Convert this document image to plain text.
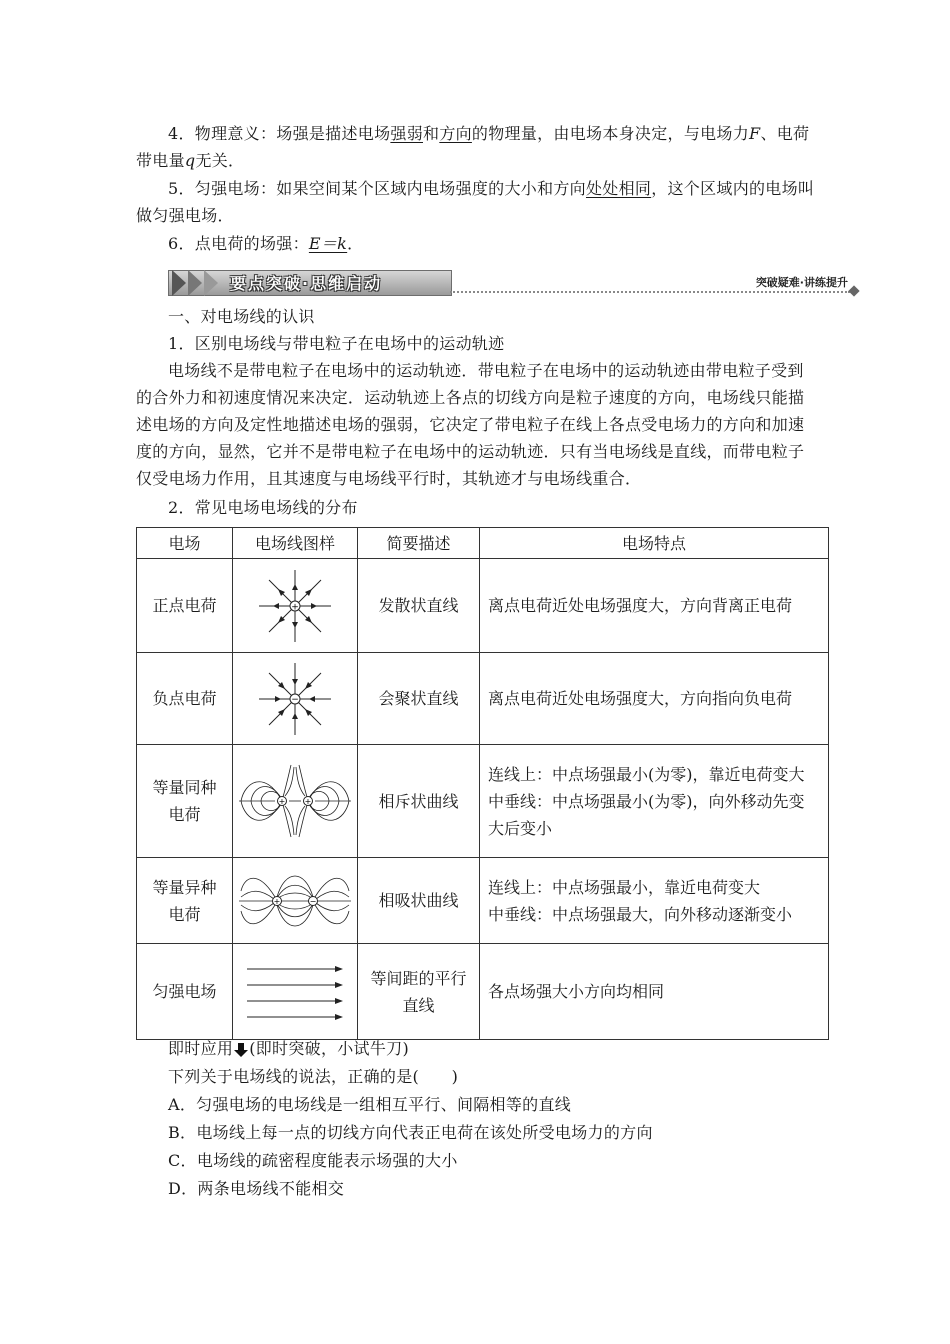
4．物理意义：场强是描述电场强弱和方向的物理量，由电场本身决定，与电场力F、电荷带电量q无关．

5．匀强电场：如果空间某个区域内电场强度的大小和方向处处相同，这个区域内的电场叫做匀强电场．

6．点电荷的场强：E＝k．

要点突破·思维启动	突破疑难·讲练提升

一、对电场线的认识

1．区别电场线与带电粒子在电场中的运动轨迹

电场线不是带电粒子在电场中的运动轨迹．带电粒子在电场中的运动轨迹由带电粒子受到的合外力和初速度情况来决定．运动轨迹上各点的切线方向是粒子速度的方向，电场线只能描述电场的方向及定性地描述电场的强弱，它决定了带电粒子在线上各点受电场力的方向和加速度的方向，显然，它并不是带电粒子在电场中的运动轨迹．只有当电场线是直线，而带电粒子仅受电场力作用，且其速度与电场线平行时，其轨迹才与电场线重合．

2．常见电场电场线的分布

电场	电场线图样	简要描述	电场特点
正点电荷	+	发散状直线	离点电荷近处电场强度大，方向背离正电荷
负点电荷	−	会聚状直线	离点电荷近处电场强度大，方向指向负电荷

等量同种电荷	+ +	相斥状曲线	连线上：中点场强最小(为零)，靠近电荷变大
中垂线：中点场强最小(为零)，向外移动先变大后变小

等量异种电荷	+ −	相吸状曲线	连线上：中点场强最小，靠近电荷变大
中垂线：中点场强最大，向外移动逐渐变小
匀强电场		等间距的平行直线	各点场强大小方向均相同

即时应用 (即时突破，小试牛刀)

下列关于电场线的说法，正确的是(　　)

A．匀强电场的电场线是一组相互平行、间隔相等的直线

B．电场线上每一点的切线方向代表正电荷在该处所受电场力的方向

C．电场线的疏密程度能表示场强的大小

D．两条电场线不能相交
